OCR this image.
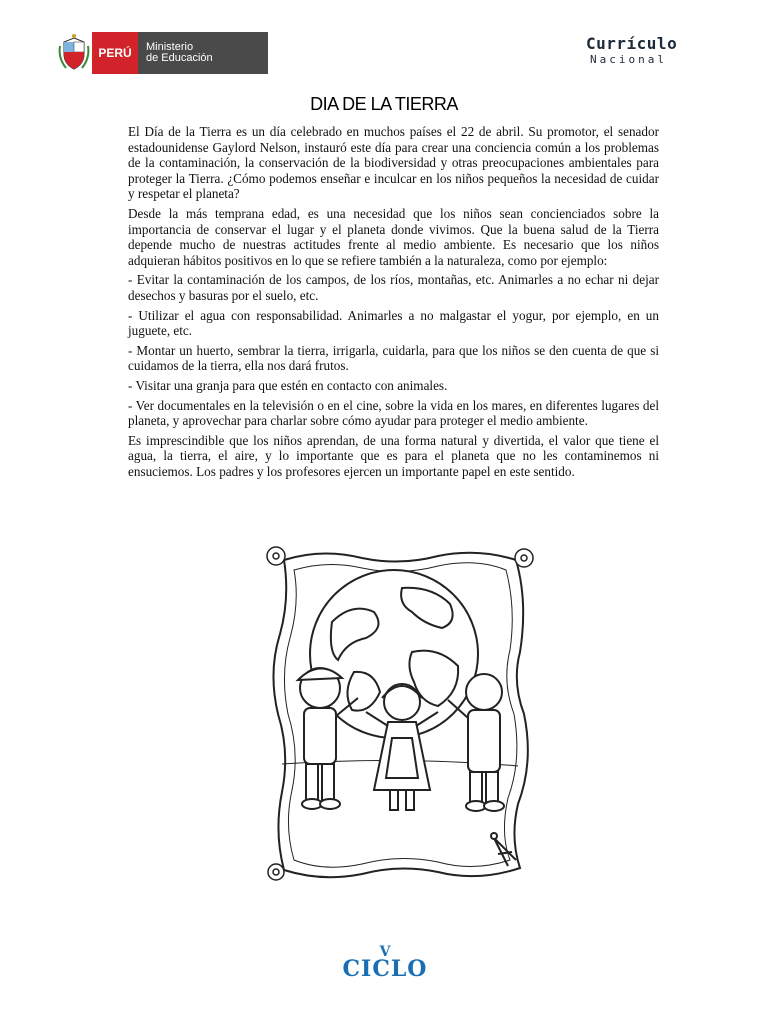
PERÚ	Ministerio
de Educación
Currículo
Nacional
DIA DE LA TIERRA

El Día de la Tierra es un día celebrado en muchos países el 22 de abril. Su promotor, el senador estadounidense Gaylord Nelson, instauró este día para crear una conciencia común a los problemas de la contaminación, la conservación de la biodiversidad y otras preocupaciones ambientales para proteger la Tierra. ¿Cómo podemos enseñar e inculcar en los niños pequeños la necesidad de cuidar y respetar el planeta?

Desde la más temprana edad, es una necesidad que los niños sean concienciados sobre la importancia de conservar el lugar y el planeta donde vivimos. Que la buena salud de la Tierra depende mucho de nuestras actitudes frente al medio ambiente. Es necesario que los niños adquieran hábitos positivos en lo que se refiere también a la naturaleza, como por ejemplo:

- Evitar la contaminación de los campos, de los ríos, montañas, etc. Animarles a no echar ni dejar desechos y basuras por el suelo, etc.

- Utilizar el agua con responsabilidad. Animarles a no malgastar el yogur, por ejemplo, en un juguete, etc.

- Montar un huerto, sembrar la tierra, irrigarla, cuidarla, para que los niños se den cuenta de que si cuidamos de la tierra, ella nos dará frutos.

- Visitar una granja para que estén en contacto con animales.

- Ver documentales en la televisión o en el cine, sobre la vida en los mares, en diferentes lugares del planeta, y aprovechar para charlar sobre cómo ayudar para proteger el medio ambiente.

Es imprescindible que los niños aprendan, de una forma natural y divertida, el valor que tiene el agua, la tierra, el aire, y lo importante que es para el planeta que no les contaminemos ni ensuciemos. Los padres y los profesores ejercen un importante papel en este sentido.

V
CICLO
